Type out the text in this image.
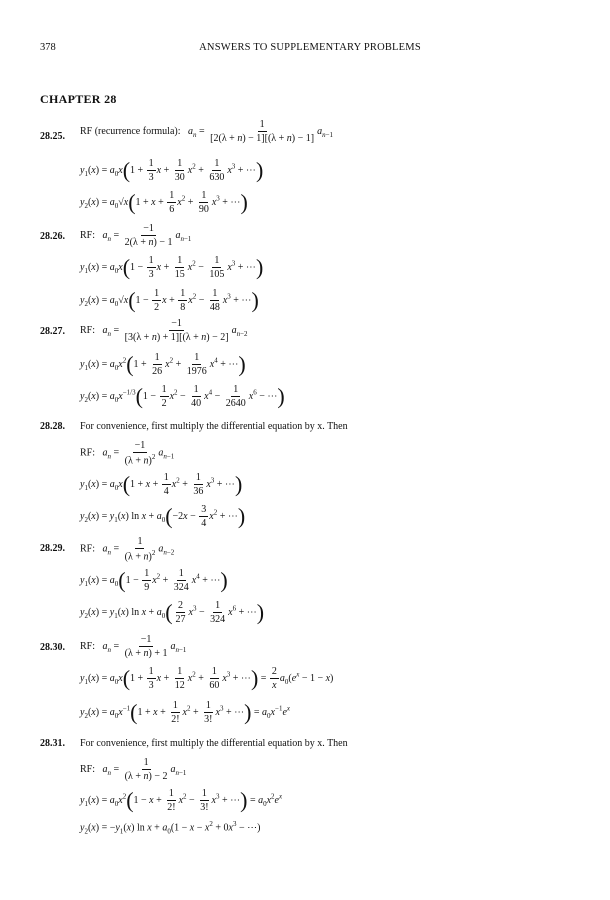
378	ANSWERS TO SUPPLEMENTARY PROBLEMS
CHAPTER 28
28.25. RF (recurrence formula):   $a_n = \frac{1}{[2(\lambda + n) - 1][(\lambda + n) - 1]} a_{n-1}$
$y_1(x) = a_0x(1 + \frac{1}{3}$ $x + \frac{1}{30} x^2 + \frac{1}{630} x^3$ + ⋯)
$y_2(x) = a_0√x(1 + x + \frac{1}{6} x^2 + \frac{1}{90} x^3$ + ⋯)
28.26. RF:   $a_n = \frac{-1}{2(\lambda + n) - 1} a_{n-1}$
$y_1(x) = a_0x(1 - \frac{1}{3}$ $x + \frac{1}{15} x^2 - \frac{1}{105} x^3$ + ⋯)
$y_2(x) = a_0√x(1 - \frac{1}{2}$ $x + \frac{1}{8} x^2 - \frac{1}{48} x^3$ + ⋯)
28.27. RF:   $a_n = \frac{-1}{[3(\lambda + n) + 1][(\lambda + n) - 2]} a_{n-2}$
$y_1(x) = a_0x^2(1 + \frac{1}{26} x^2 + \frac{1}{1976} x^4$ + ⋯)
$y_2(x) = a_0x^{-1/3}(1 - \frac{1}{2} x^2 - \frac{1}{40} x^4 - \frac{1}{2640} x^6$ − ⋯)
28.28. For convenience, first multiply the differential equation by x. Then
RF:   $a_n = \frac{-1}{(\lambda + n)^2} a_{n-1}$
$y_1(x) = a_0x(1 + x + \frac{1}{4} x^2 + \frac{1}{36} x^3$ + ⋯)
$y_2(x) = y_1(x)$ $\ln x + a_0(-2x - \frac{3}{4} x^2$ + ⋯)
28.29. RF:   $a_n = \frac{1}{(\lambda + n)^2} a_{n-2}$
$y_1(x) = a_0(1 - \frac{1}{9} x^2 + \frac{1}{324} x^4$ + ⋯)
$y_2(x) = y_1(x)$ $\ln x + a_0( \frac{2}{27} x^3 - \frac{1}{324} x^6$ + ⋯)
28.30. RF:   $a_n = \frac{-1}{(\lambda + n) + 1} a_{n-1}$
$y_1(x) = a_0x(1 + \frac{1}{3}$ $x + \frac{1}{12} x^2 + \frac{1}{60} x^3$ + ⋯) = $\frac{2}{x} a_0(e^x - 1 - x)$
$y_2(x) = a_0x^{-1}(1 + x + \frac{1}{2!} x^2 + \frac{1}{3!} x^3$ + ⋯) = $a_0x^{-1}e^x$
28.31. For convenience, first multiply the differential equation by x. Then
RF:   $a_n = \frac{1}{(\lambda + n) - 2} a_{n-1}$
$y_1(x) = a_0x^2(1 - x + \frac{1}{2!} x^2 - \frac{1}{3!} x^3$ + ⋯) = $a_0x^2e^x$
$y_2(x) = -y_1(x)$ $\ln x + a_0(1 - x - x^2 + 0x^3$ − ⋯)
